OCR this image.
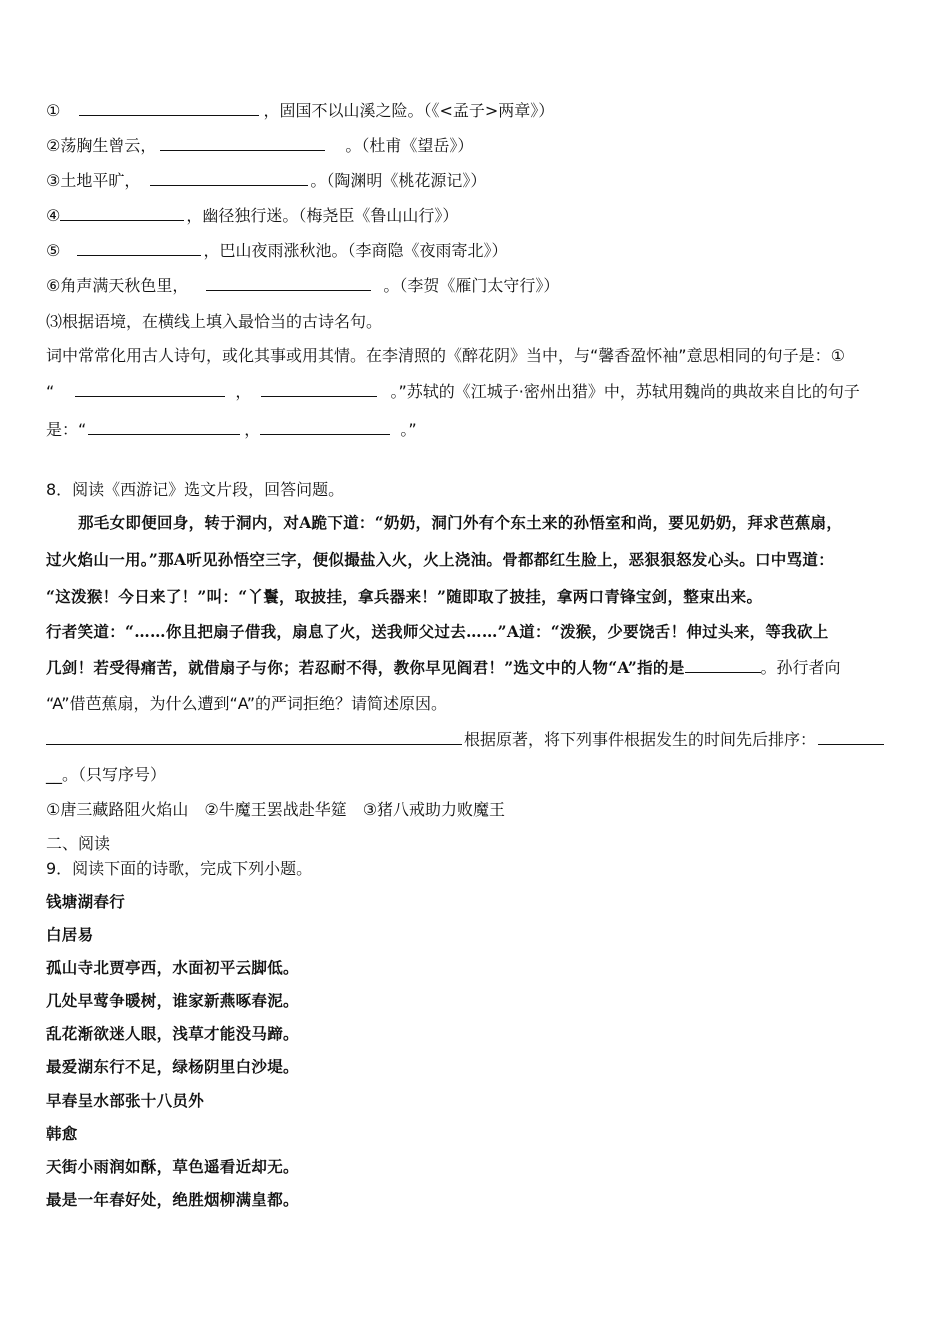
①	，固国不以山溪之险。（《<孟子>两章》）
②荡胸生曾云，	。（杜甫《望岳》）
③土地平旷，	。（陶渊明《桃花源记》）
④	，幽径独行迷。（梅尧臣《鲁山山行》）
⑤	，巴山夜雨涨秋池。（李商隐《夜雨寄北》）
⑥角声满天秋色里，	。（李贺《雁门太守行》）
⑶根据语境，在横线上填入最恰当的古诗名句。
词中常常化用古人诗句，或化其事或用其情。在李清照的《醉花阴》当中，与“馨香盈怀袖”意思相同的句子是：①
“	，	。”苏轼的《江城子·密州出猎》中，苏轼用魏尚的典故来自比的句子
是：“	，	。”
8．阅读《西游记》选文片段，回答问题。
那毛女即便回身，转于洞内，对A跪下道：“奶奶，洞门外有个东土来的孙悟室和尚，要见奶奶，拜求芭蕉扇，
过火焰山一用。”那A听见孙悟空三字，便似撮盐入火，火上浇油。骨都都红生脸上，恶狠狠怒发心头。口中骂道：
“这泼猴！今日来了！”叫：“丫鬟，取披挂，拿兵器来！”随即取了披挂，拿两口青锋宝剑，整束出来。
行者笑道：“……你且把扇子借我，扇息了火，送我师父过去……”A道：“泼猴，少要饶舌！伸过头来，等我砍上
几剑！若受得痛苦，就借扇子与你；若忍耐不得，教你早见阎君！”选文中的人物“A”指的是	。孙行者向
“A”借芭蕉扇，为什么遭到“A”的严词拒绝？请简述原因。
根据原著，将下列事件根据发生的时间先后排序：
__。（只写序号）
①唐三藏路阻火焰山　②牛魔王罢战赴华筵　③猪八戒助力败魔王
二、阅读
9．阅读下面的诗歌，完成下列小题。
钱塘湖春行
白居易
孤山寺北贾亭西，水面初平云脚低。
几处早莺争暖树，谁家新燕啄春泥。
乱花渐欲迷人眼，浅草才能没马蹄。
最爱湖东行不足，绿杨阴里白沙堤。
早春呈水部张十八员外
韩愈
天街小雨润如酥，草色遥看近却无。
最是一年春好处，绝胜烟柳满皇都。
